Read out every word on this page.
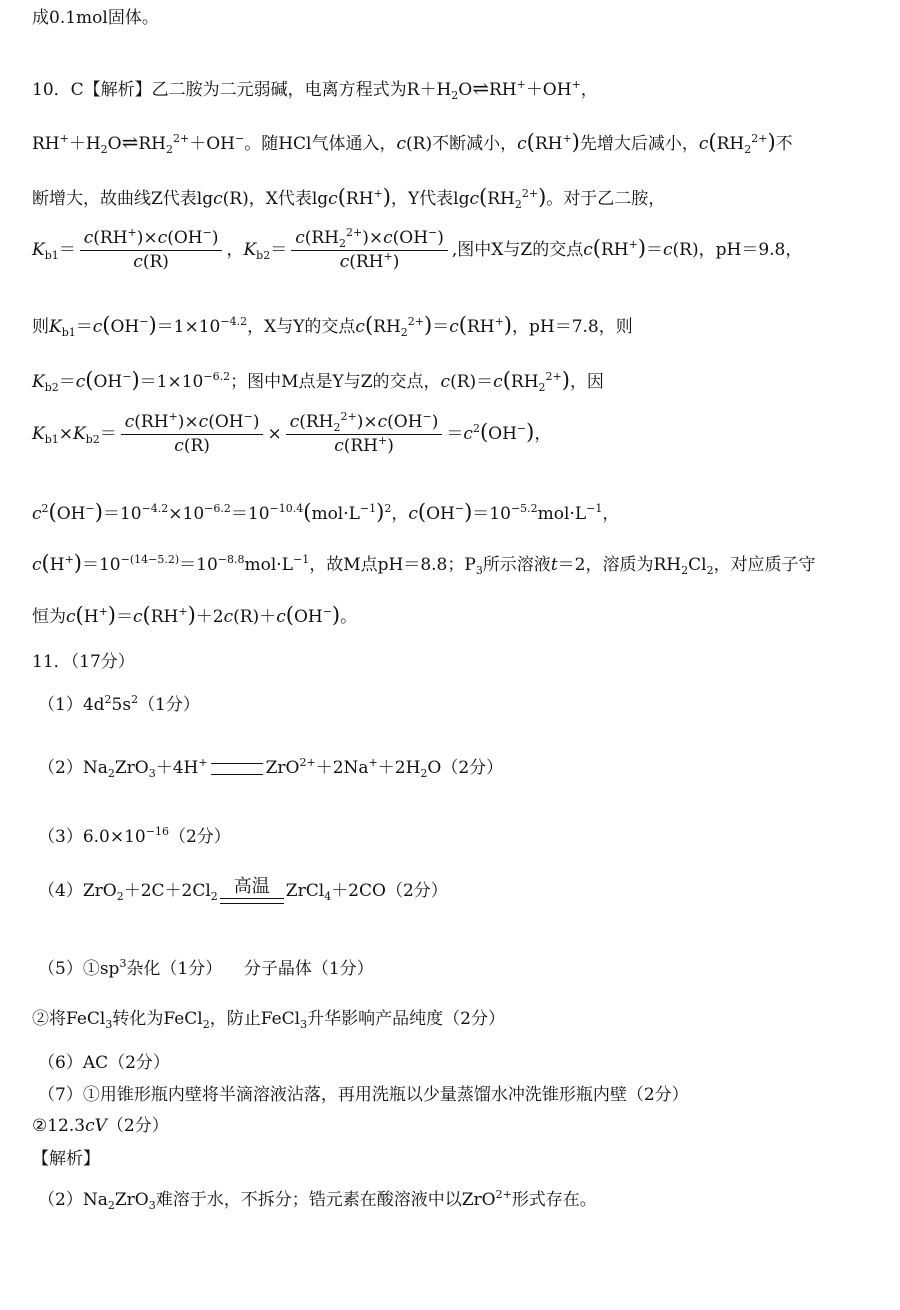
成0.1mol固体。
10．C【解析】乙二胺为二元弱碱，电离方程式为$R+H_2O\rightleftharpoons RH^++OH^+$，
$RH^++H_2O\rightleftharpoons RH_2^{2+}+OH^-$。随HCl气体通入，c(R)不断减小，c(RH+)先增大后减小，$c(RH_2^{2+})$不
断增大，故曲线Z代表lgc(R)，X代表lgc(RH+)，Y代表$\lg c(RH_2^{2+})$。对于乙二胺，
$K_{b1}= \frac{c(RH^+)\times c(OH^-)}{c(R)}$ ，$K_{b2}= \frac{c(RH_2^{2+})\times c(OH^-)}{c(RH^+)}$ ,图中X与Z的交点c(RH+)＝c(R)，pH＝9.8，
则$K_{b1}=c(OH^-)=1\times 10^{-4.2}$，X与Y的交点$c(RH_2^{2+})=c(RH^+)$，pH＝7.8，则
$K_{b2}=c(OH^-)=1\times 10^{-6.2}$；图中M点是Y与Z的交点，$c(R)=c(RH_2^{2+})$，因
$K_{b1}\times K_{b2}= \frac{c(RH^+)\times c(OH^-)}{c(R)} \times \frac{c(RH_2^{2+})\times c(OH^-)}{c(RH^+)} =c^2(OH^-)$，
$c^2(OH^-)=10^{-4.2}\times 10^{-6.2}=10^{-10.4}(mol\cdot L^{-1})^2$，$c(OH^-)=10^{-5.2}mol\cdot L^{-1}$，
$c(H^+)=10^{-(14-5.2)}=10^{-8.8}mol\cdot L^{-1}$，故M点pH＝8.8；$P_3$所示溶液t＝2，溶质为$RH_2Cl_2$，对应质子守
恒为c(H+)＝c(RH+)＋2c(R)＋c(OH−)。
11．（17分）
$(1)4d^25s^2(1$分）
$(2)Na_2ZrO_3+4H^+$	$ZrO^{2+}+2Na^++2H_2O(2$分）
$(3)6.0\times 10^{-16}(2$分）
$(4)ZrO_2+2C+2Cl_2$ 高温 ZrCl$_4$＋2CO（2分）
$(5)①sp^3$杂化（1分）    分子晶体（1分）
②将FeCl$_3$转化为FeCl$_2$，防止FeCl$_3$升华影响产品纯度（2分）
（6）AC（2分）
（7）①用锥形瓶内壁将半滴溶液沾落，再用洗瓶以少量蒸馏水冲洗锥形瓶内壁（2分）
②12.3cV（2分）
【解析】
$(2)Na_2ZrO_3$难溶于水，不拆分；锆元素在酸溶液中以ZrO$^{2+}$形式存在。
